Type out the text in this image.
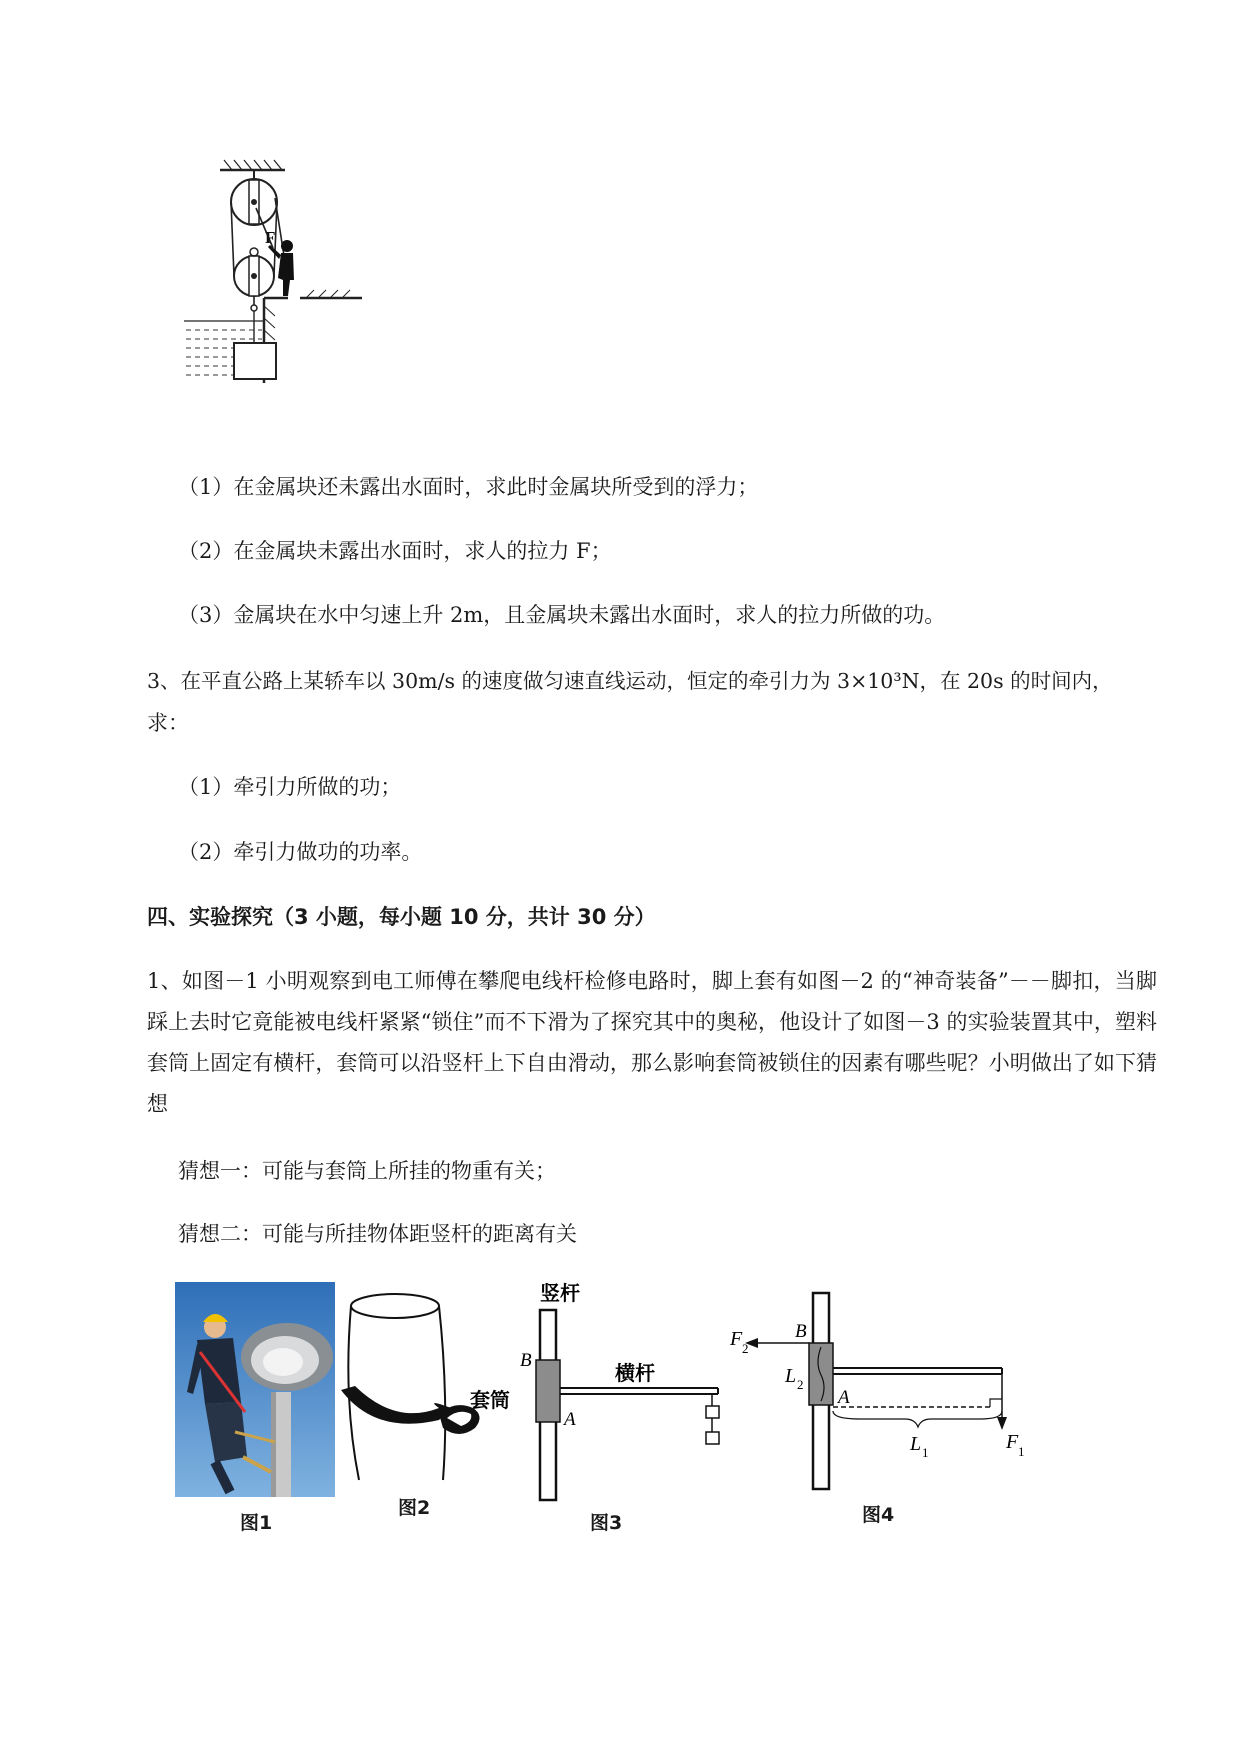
F
（1）在金属块还未露出水面时，求此时金属块所受到的浮力；
（2）在金属块未露出水面时，求人的拉力 F；
（3）金属块在水中匀速上升 2m，且金属块未露出水面时，求人的拉力所做的功。
3、在平直公路上某轿车以 30m/s 的速度做匀速直线运动，恒定的牵引力为 3×10³N，在 20s 的时间内，
求：
（1）牵引力所做的功；
（2）牵引力做功的功率。
四、实验探究（3 小题，每小题 10 分，共计 30 分）
1、如图－1 小明观察到电工师傅在攀爬电线杆检修电路时，脚上套有如图－2 的“神奇装备”－－脚扣，当脚踩上去时它竟能被电线杆紧紧“锁住”而不下滑为了探究其中的奥秘，他设计了如图－3 的实验装置其中，塑料套筒上固定有横杆，套筒可以沿竖杆上下自由滑动，那么影响套筒被锁住的因素有哪些呢？小明做出了如下猜想
猜想一：可能与套筒上所挂的物重有关；
猜想二：可能与所挂物体距竖杆的距离有关
图1
图2
竖杆
横杆
套筒
B
A
图3
F 2
B
L 2
A
L 1	F 1
图4
